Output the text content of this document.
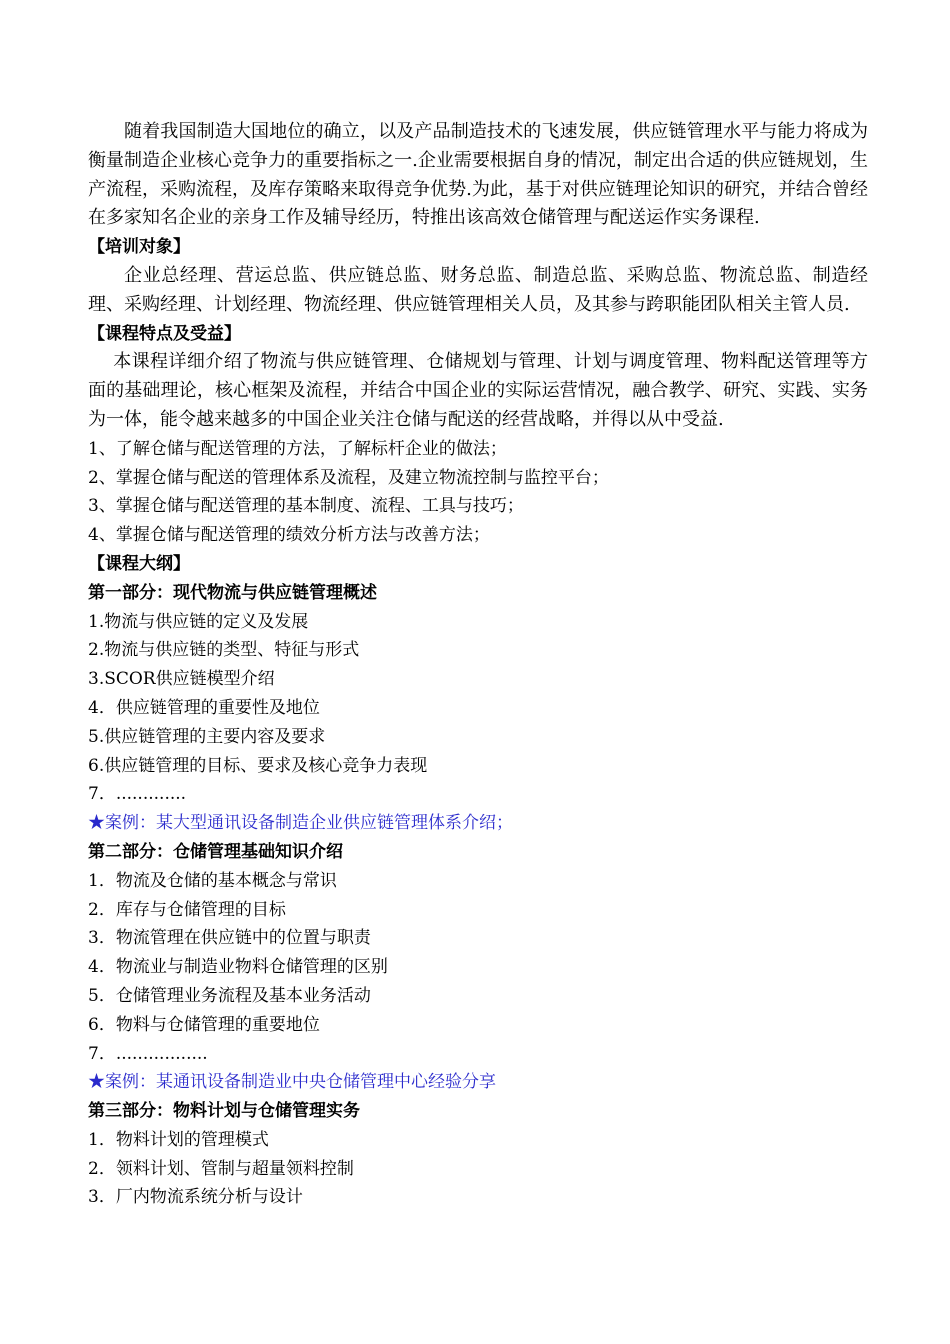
随着我国制造大国地位的确立，以及产品制造技术的飞速发展，供应链管理水平与能力将成为衡量制造企业核心竞争力的重要指标之一.企业需要根据自身的情况，制定出合适的供应链规划，生产流程，采购流程，及库存策略来取得竞争优势.为此，基于对供应链理论知识的研究，并结合曾经在多家知名企业的亲身工作及辅导经历，特推出该高效仓储管理与配送运作实务课程.

【培训对象】

企业总经理、营运总监、供应链总监、财务总监、制造总监、采购总监、物流总监、制造经理、采购经理、计划经理、物流经理、供应链管理相关人员，及其参与跨职能团队相关主管人员.

【课程特点及受益】

本课程详细介绍了物流与供应链管理、仓储规划与管理、计划与调度管理、物料配送管理等方面的基础理论，核心框架及流程，并结合中国企业的实际运营情况，融合教学、研究、实践、实务为一体，能令越来越多的中国企业关注仓储与配送的经营战略，并得以从中受益.

1、了解仓储与配送管理的方法，了解标杆企业的做法；

2、掌握仓储与配送的管理体系及流程，及建立物流控制与监控平台；

3、掌握仓储与配送管理的基本制度、流程、工具与技巧；

4、掌握仓储与配送管理的绩效分析方法与改善方法；

【课程大纲】

第一部分：现代物流与供应链管理概述

1.物流与供应链的定义及发展

2.物流与供应链的类型、特征与形式

3.SCOR供应链模型介绍

4．供应链管理的重要性及地位

5.供应链管理的主要内容及要求

6.供应链管理的目标、要求及核心竞争力表现

7．.............

★案例：某大型通讯设备制造企业供应链管理体系介绍；

第二部分：仓储管理基础知识介绍

1．物流及仓储的基本概念与常识

2．库存与仓储管理的目标

3．物流管理在供应链中的位置与职责

4．物流业与制造业物料仓储管理的区别

5．仓储管理业务流程及基本业务活动

6．物料与仓储管理的重要地位

7．.................

★案例：某通讯设备制造业中央仓储管理中心经验分享

第三部分：物料计划与仓储管理实务

1．物料计划的管理模式

2．领料计划、管制与超量领料控制

3．厂内物流系统分析与设计
